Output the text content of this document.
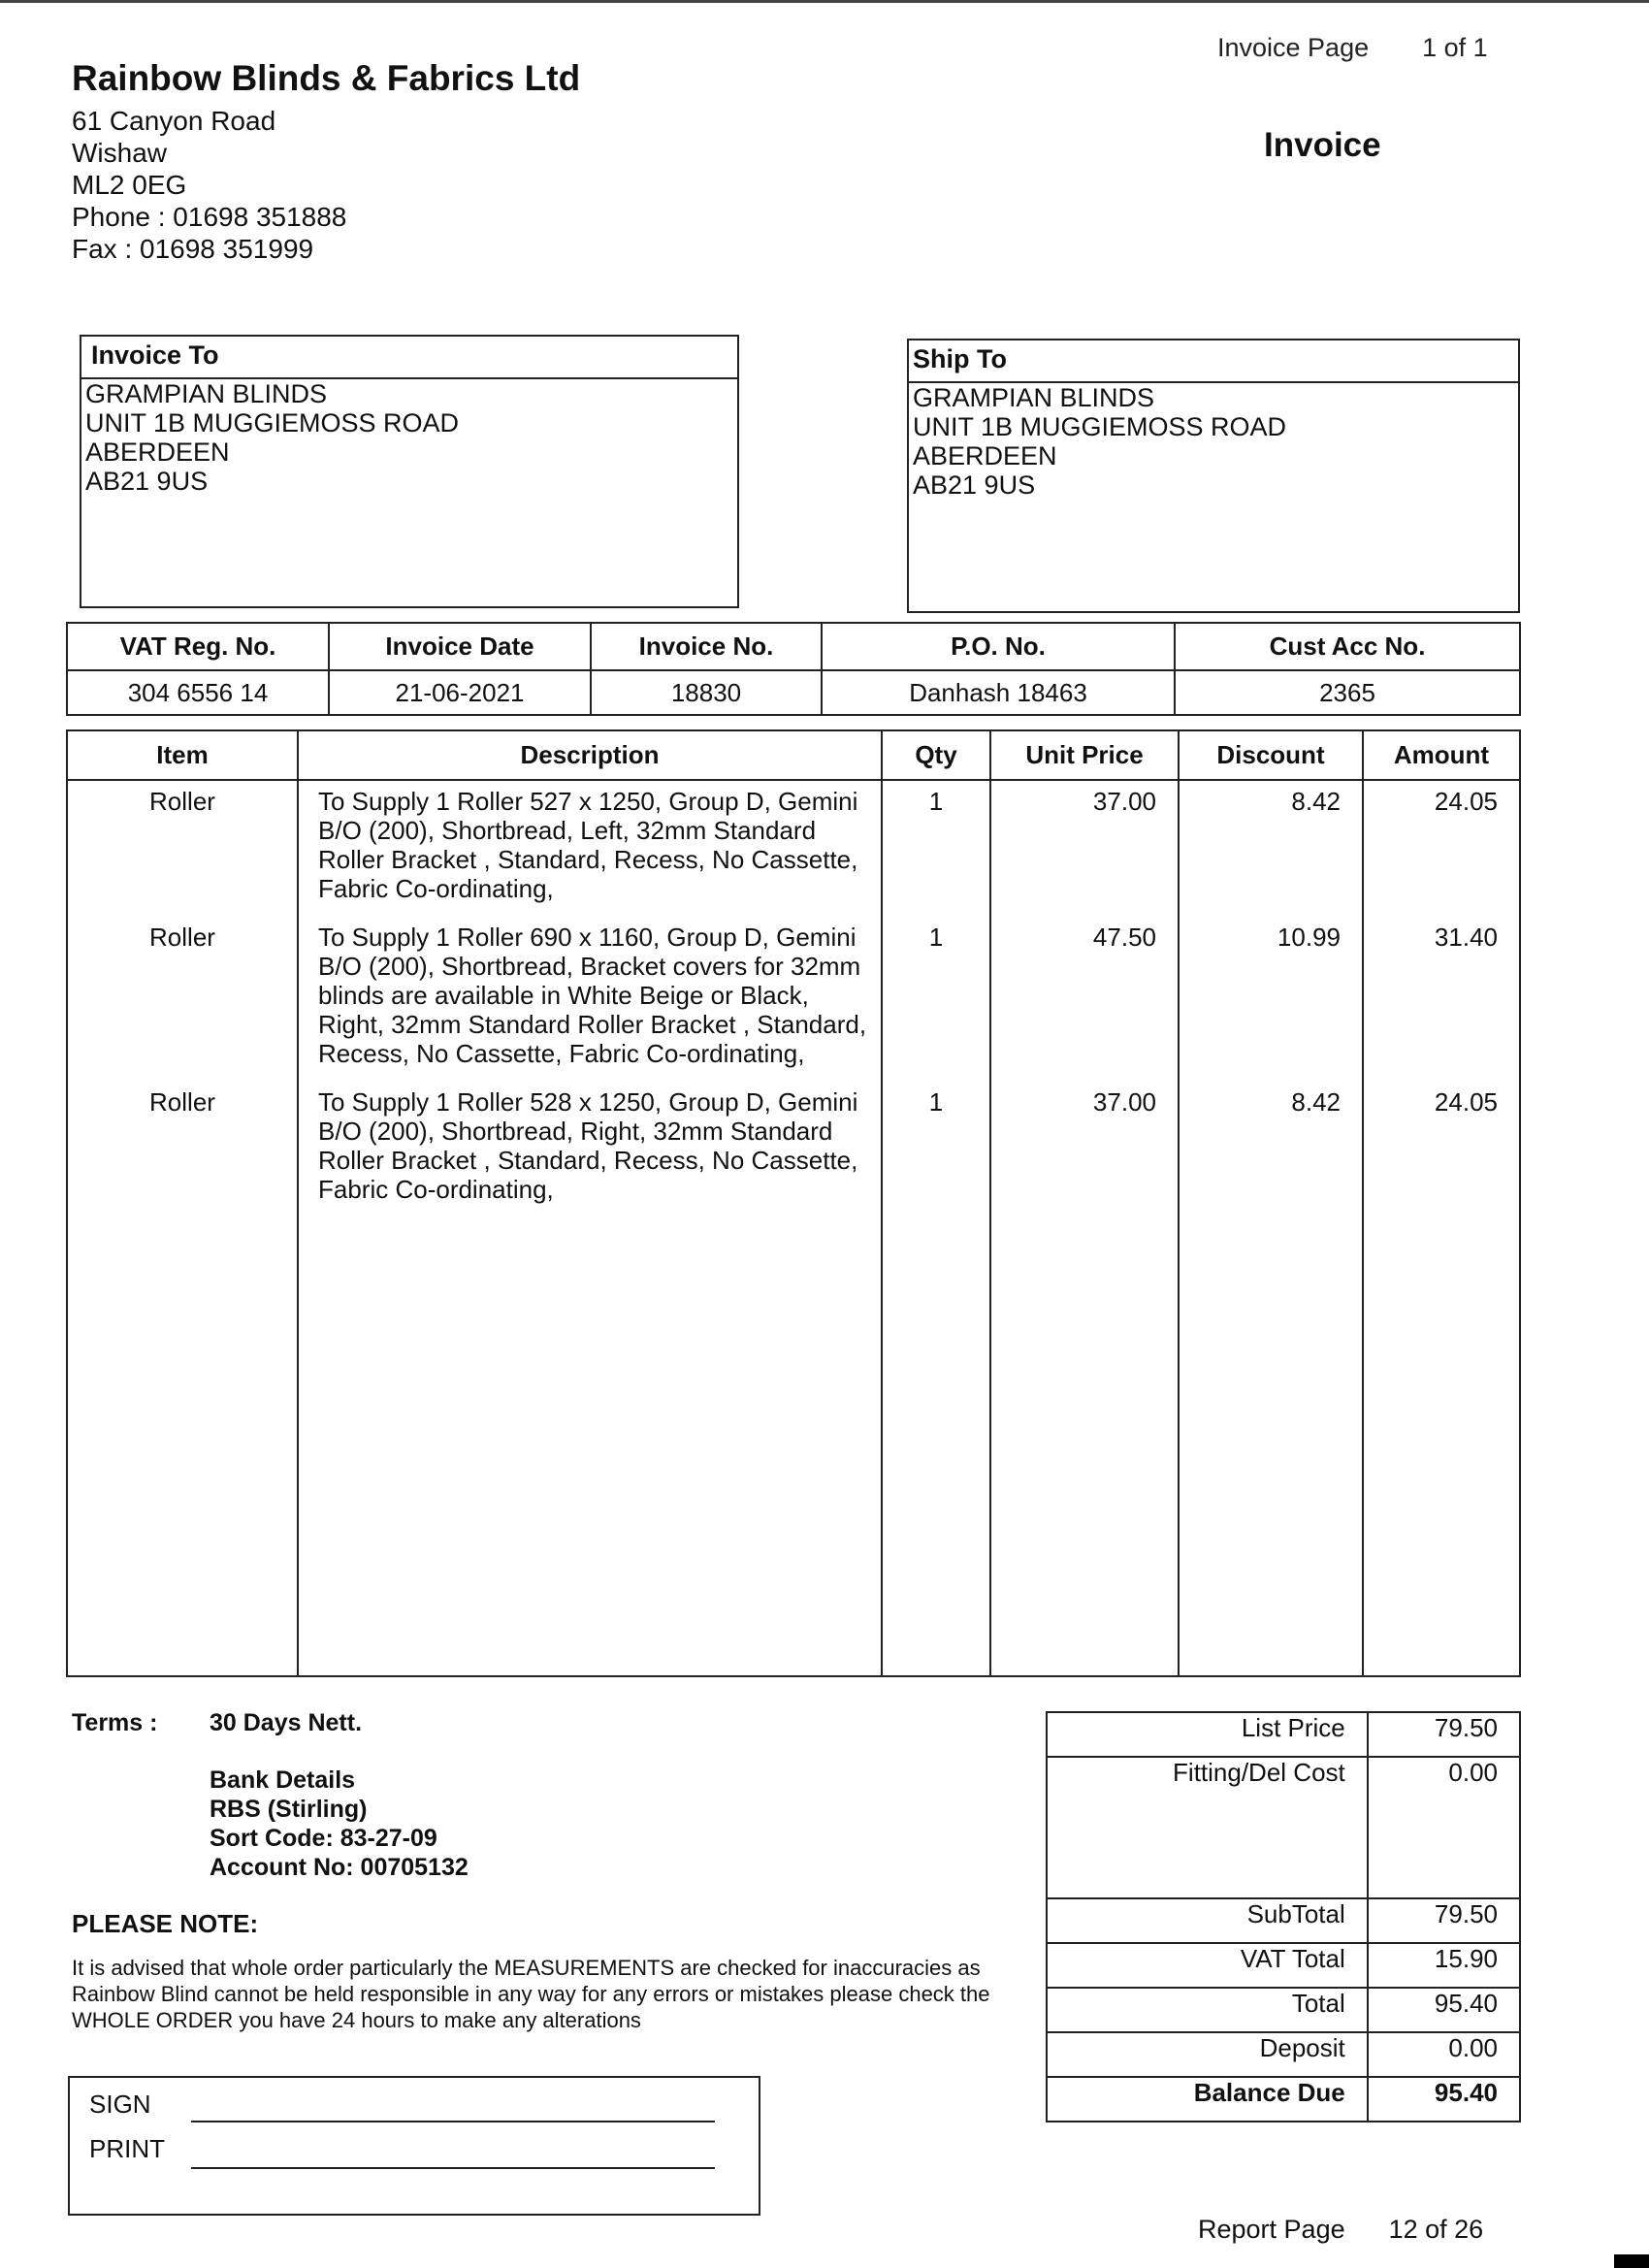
Rainbow Blinds & Fabrics Ltd
61 Canyon Road
Wishaw
ML2 0EG
Phone : 01698 351888
Fax : 01698 351999
Invoice Page 1 of 1
Invoice
Invoice To
GRAMPIAN BLINDS
UNIT 1B MUGGIEMOSS ROAD
ABERDEEN
AB21 9US
Ship To
GRAMPIAN BLINDS
UNIT 1B MUGGIEMOSS ROAD
ABERDEEN
AB21 9US
VAT Reg. No.	Invoice Date	Invoice No.	P.O. No.	Cust Acc No.
304 6556 14	21-06-2021	18830	Danhash 18463	2365
Item	Description	Qty	Unit Price	Discount	Amount
Roller	To Supply 1 Roller 527 x 1250, Group D, Gemini B/O (200), Shortbread, Left, 32mm Standard Roller Bracket , Standard, Recess, No Cassette, Fabric Co-ordinating,	1	37.00	8.42	24.05
Roller	To Supply 1 Roller 690 x 1160, Group D, Gemini B/O (200), Shortbread, Bracket covers for 32mm blinds are available in White Beige or Black, Right, 32mm Standard Roller Bracket , Standard, Recess, No Cassette, Fabric Co-ordinating,	1	47.50	10.99	31.40
Roller	To Supply 1 Roller 528 x 1250, Group D, Gemini B/O (200), Shortbread, Right, 32mm Standard Roller Bracket , Standard, Recess, No Cassette, Fabric Co-ordinating,	1	37.00	8.42	24.05

Terms : 30 Days Nett.
Bank Details
RBS (Stirling)
Sort Code: 83-27-09
Account No: 00705132
PLEASE NOTE:
It is advised that whole order particularly the MEASUREMENTS are checked for inaccuracies as Rainbow Blind cannot be held responsible in any way for any errors or mistakes please check the WHOLE ORDER you have 24 hours to make any alterations
List Price	79.50
Fitting/Del Cost	0.00
SubTotal	79.50
VAT Total	15.90
Total	95.40
Deposit	0.00
Balance Due	95.40
SIGN
PRINT
Report Page 12 of 26
